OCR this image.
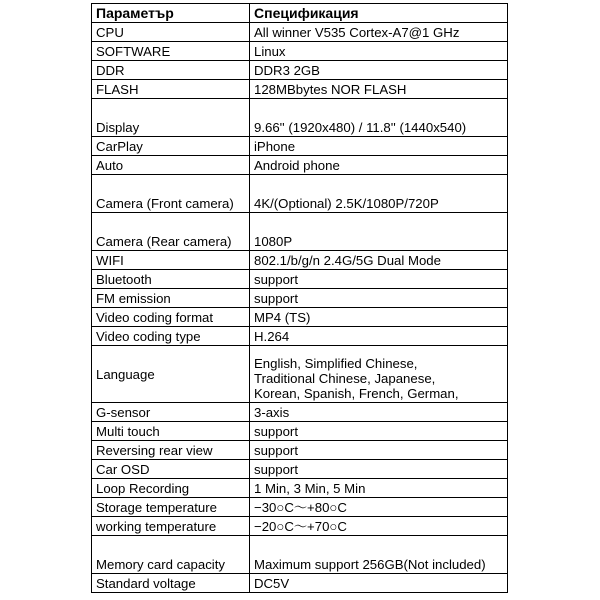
Параметър	Спецификация
CPU	All winner V535 Cortex-A7@1 GHz
SOFTWARE	Linux
DDR	DDR3 2GB
FLASH	128MBbytes NOR FLASH
Display	9.66'' (1920x480) / 11.8'' (1440x540)
CarPlay	iPhone
Auto	Android phone
Camera (Front camera)	4K/(Optional) 2.5K/1080P/720P
Camera (Rear camera)	1080P
WIFI	802.1/b/g/n 2.4G/5G Dual Mode
Bluetooth	support
FM emission	support
Video coding format	MP4 (TS)
Video coding type	H.264
Language	English, Simplified Chinese,
Traditional Chinese, Japanese,
Korean, Spanish, French, German,

G-sensor	3-axis
Multi touch	support
Reversing rear view	support
Car OSD	support
Loop Recording	1 Min, 3 Min, 5 Min
Storage temperature	−30○C～+80○C
working temperature	−20○C～+70○C
Memory card capacity	Maximum support 256GB(Not included)
Standard voltage	DC5V
